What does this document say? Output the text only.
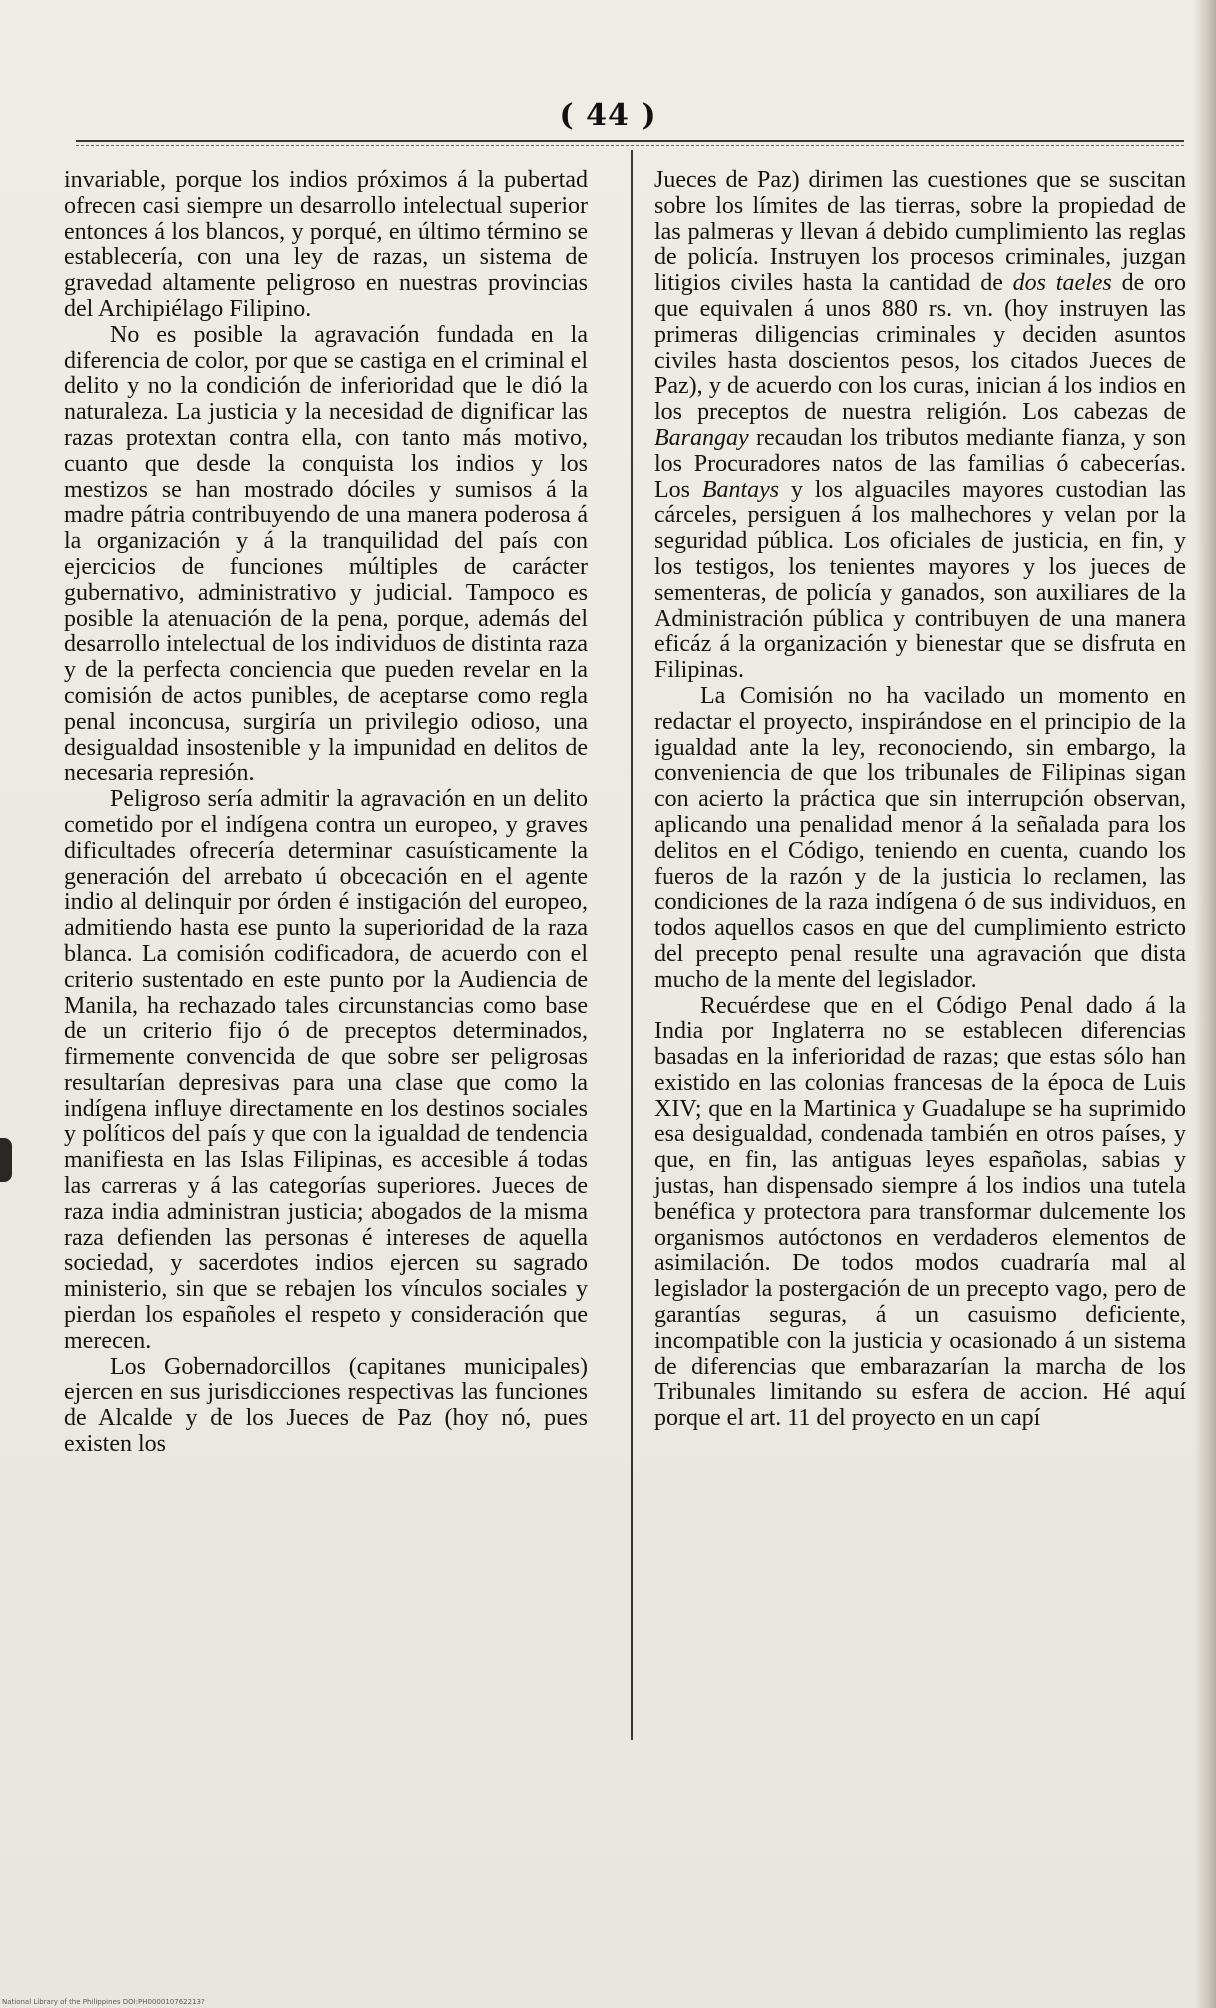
( 44 )

invariable, porque los indios próximos á la pubertad ofrecen casi siempre un desarrollo intelectual superior entonces á los blancos, y porqué, en último término se establecería, con una ley de razas, un sistema de gravedad altamente peligroso en nuestras provincias del Archipiélago Filipino.

No es posible la agravación fundada en la diferencia de color, por que se castiga en el criminal el delito y no la condición de inferioridad que le dió la naturaleza. La justicia y la necesidad de dignificar las razas protextan contra ella, con tanto más motivo, cuanto que desde la conquista los indios y los mestizos se han mostrado dóciles y sumisos á la madre pátria contribuyendo de una manera poderosa á la organización y á la tranquilidad del país con ejercicios de funciones múltiples de carácter gubernativo, administrativo y judicial. Tampoco es posible la atenuación de la pena, porque, además del desarrollo intelectual de los individuos de distinta raza y de la perfecta conciencia que pueden revelar en la comisión de actos punibles, de aceptarse como regla penal inconcusa, surgiría un privilegio odioso, una desigualdad insostenible y la impunidad en delitos de necesaria represión.

Peligroso sería admitir la agravación en un delito cometido por el indígena contra un europeo, y graves dificultades ofrecería determinar casuísticamente la generación del arrebato ú obcecación en el agente indio al delinquir por órden é instigación del europeo, admitiendo hasta ese punto la superioridad de la raza blanca. La comisión codificadora, de acuerdo con el criterio sustentado en este punto por la Audiencia de Manila, ha rechazado tales circunstancias como base de un criterio fijo ó de preceptos determinados, firmemente convencida de que sobre ser peligrosas resultarían depresivas para una clase que como la indígena influye directamente en los destinos sociales y políticos del país y que con la igualdad de tendencia manifiesta en las Islas Filipinas, es accesible á todas las carreras y á las categorías superiores. Jueces de raza india administran justicia; abogados de la misma raza defienden las personas é intereses de aquella sociedad, y sacerdotes indios ejercen su sagrado ministerio, sin que se rebajen los vínculos sociales y pierdan los españoles el respeto y consideración que merecen.

Los Gobernadorcillos (capitanes municipales) ejercen en sus jurisdicciones respectivas las funciones de Alcalde y de los Jueces de Paz (hoy nó, pues existen los

Jueces de Paz) dirimen las cuestiones que se suscitan sobre los límites de las tierras, sobre la propiedad de las palmeras y llevan á debido cumplimiento las reglas de policía. Instruyen los procesos criminales, juzgan litigios civiles hasta la cantidad de dos taeles de oro que equivalen á unos 880 rs. vn. (hoy instruyen las primeras diligencias criminales y deciden asuntos civiles hasta doscientos pesos, los citados Jueces de Paz), y de acuerdo con los curas, inician á los indios en los preceptos de nuestra religión. Los cabezas de Barangay recaudan los tributos mediante fianza, y son los Procuradores natos de las familias ó cabecerías. Los Bantays y los alguaciles mayores custodian las cárceles, persiguen á los malhechores y velan por la seguridad pública. Los oficiales de justicia, en fin, y los testigos, los tenientes mayores y los jueces de sementeras, de policía y ganados, son auxiliares de la Administración pública y contribuyen de una manera eficáz á la organización y bienestar que se disfruta en Filipinas.

La Comisión no ha vacilado un momento en redactar el proyecto, inspirándose en el principio de la igualdad ante la ley, reconociendo, sin embargo, la conveniencia de que los tribunales de Filipinas sigan con acierto la práctica que sin interrupción observan, aplicando una penalidad menor á la señalada para los delitos en el Código, teniendo en cuenta, cuando los fueros de la razón y de la justicia lo reclamen, las condiciones de la raza indígena ó de sus individuos, en todos aquellos casos en que del cumplimiento estricto del precepto penal resulte una agravación que dista mucho de la mente del legislador.

Recuérdese que en el Código Penal dado á la India por Inglaterra no se establecen diferencias basadas en la inferioridad de razas; que estas sólo han existido en las colonias francesas de la época de Luis XIV; que en la Martinica y Guadalupe se ha suprimido esa desigualdad, condenada también en otros países, y que, en fin, las antiguas leyes españolas, sabias y justas, han dispensado siempre á los indios una tutela benéfica y protectora para transformar dulcemente los organismos autóctonos en verdaderos elementos de asimilación. De todos modos cuadraría mal al legislador la postergación de un precepto vago, pero de garantías seguras, á un casuismo deficiente, incompatible con la justicia y ocasionado á un sistema de diferencias que embarazarían la marcha de los Tribunales limitando su esfera de accion. Hé aquí porque el art. 11 del proyecto en un capí

National Library of the Philippines DOI:PH000010762213?
